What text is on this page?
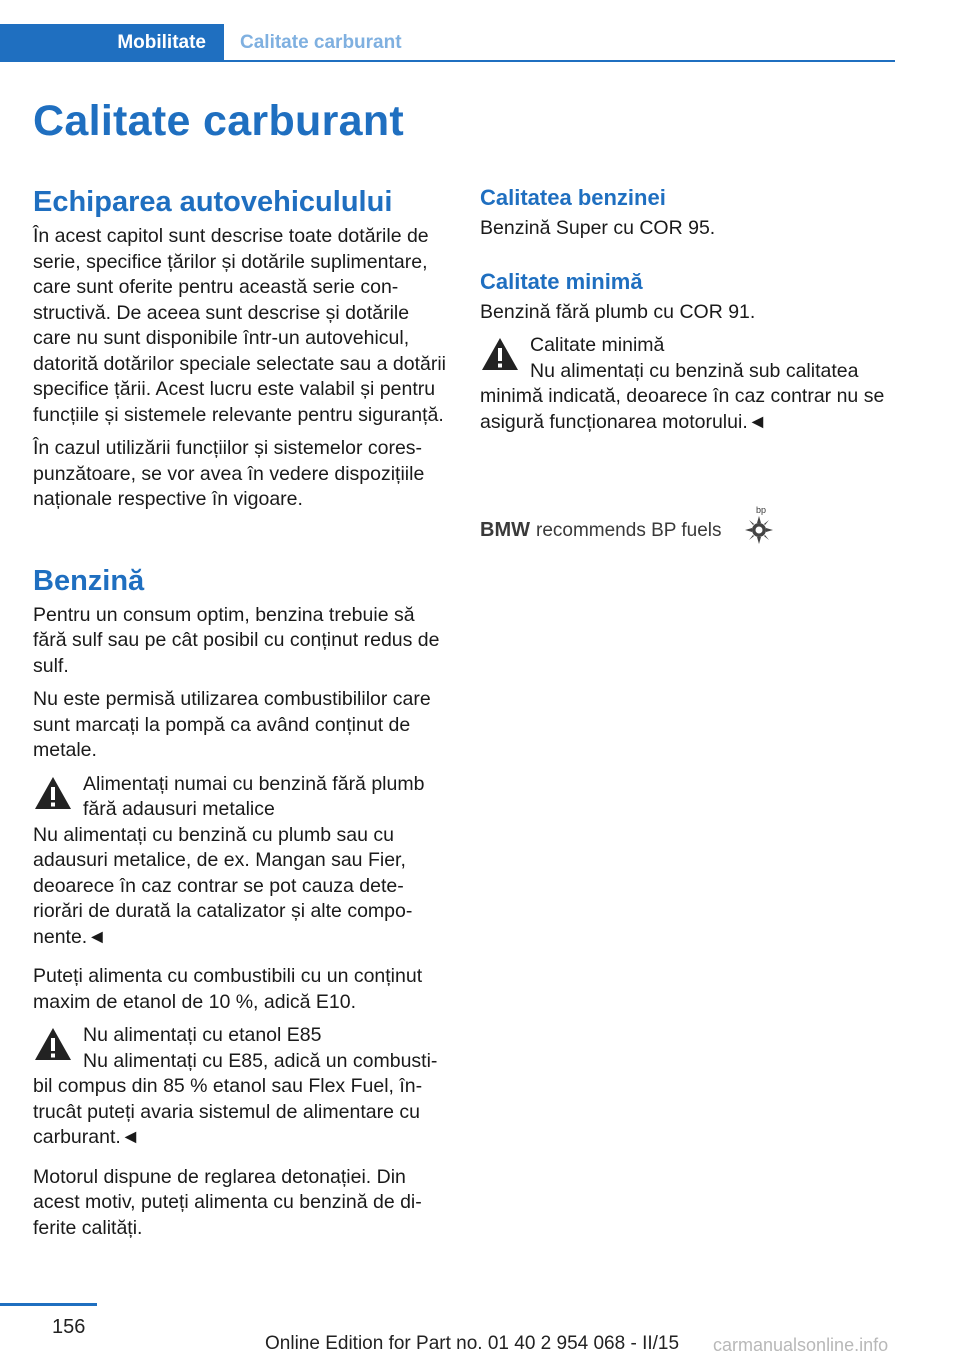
Mobilitate	Calitate carburant
Calitate carburant
Echiparea autovehiculului

În acest capitol sunt descrise toate dotările de serie, specifice țărilor și dotările suplimentare, care sunt oferite pentru această serie con‐structivă. De aceea sunt descrise și dotările care nu sunt disponibile într-un autovehicul, datorită dotărilor speciale selectate sau a dotării specifice țării. Acest lucru este valabil și pentru funcțiile și sistemele relevante pentru siguranță.

În cazul utilizării funcțiilor și sistemelor cores‐punzătoare, se vor avea în vedere dispozițiile naționale respective în vigoare.

Benzină

Pentru un consum optim, benzina trebuie să fără sulf sau pe cât posibil cu conținut redus de sulf.

Nu este permisă utilizarea combustibililor care sunt marcați la pompă ca având conținut de metale.

Alimentați numai cu benzină fără plumb fără adausuri metalice

Nu alimentați cu benzină cu plumb sau cu adausuri metalice, de ex. Mangan sau Fier, deoarece în caz contrar se pot cauza dete‐riorări de durată la catalizator și alte compo‐nente.◄

Puteți alimenta cu combustibili cu un conținut maxim de etanol de 10 %, adică E10.

Nu alimentați cu etanol E85

Nu alimentați cu E85, adică un combusti‐bil compus din 85 % etanol sau Flex Fuel, în‐trucât puteți avaria sistemul de alimentare cu carburant.◄

Motorul dispune de reglarea detonației. Din acest motiv, puteți alimenta cu benzină de di‐ferite calități.

Calitatea benzinei

Benzină Super cu COR 95.

Calitate minimă

Benzină fără plumb cu COR 91.

Calitate minimă

Nu alimentați cu benzină sub calitatea minimă indicată, deoarece în caz contrar nu se asigură funcționarea motorului.◄

BMW recommends BP fuels
bp
156
Online Edition for Part no. 01 40 2 954 068 - II/15 carmanualsonline.info
